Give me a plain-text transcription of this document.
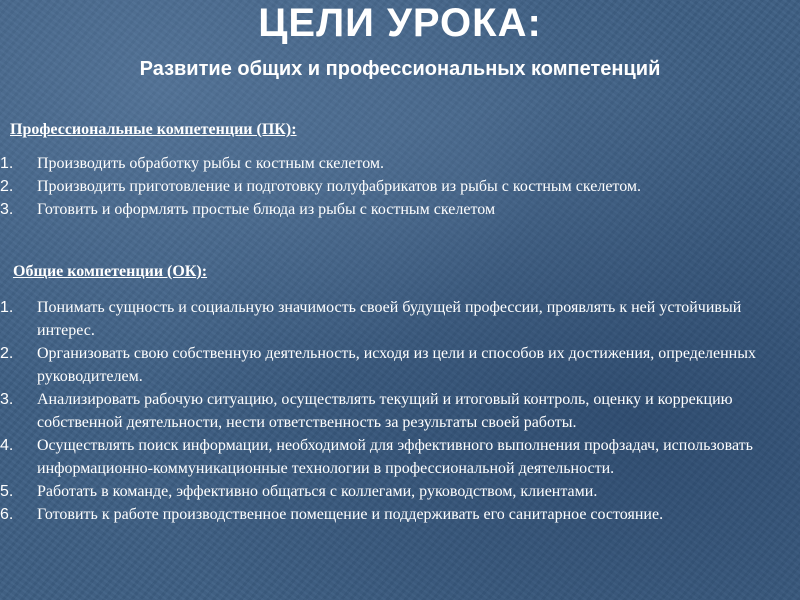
ЦЕЛИ УРОКА:
Развитие общих и профессиональных компетенций
Профессиональные компетенции (ПК):
1. Производить обработку рыбы с костным скелетом.
2. Производить приготовление и подготовку полуфабрикатов из рыбы с костным скелетом.
3. Готовить и оформлять простые блюда из рыбы с костным скелетом
Общие компетенции (ОК):
1. Понимать сущность и социальную значимость своей будущей профессии, проявлять к ней устойчивый интерес.
2. Организовать свою собственную деятельность, исходя из цели и способов их достижения, определенных руководителем.
3. Анализировать рабочую ситуацию, осуществлять текущий и итоговый контроль, оценку и коррекцию собственной деятельности, нести ответственность за результаты своей работы.
4. Осуществлять поиск информации, необходимой для эффективного выполнения профзадач, использовать информационно-коммуникационные технологии в профессиональной деятельности.
5. Работать в команде, эффективно общаться с коллегами, руководством, клиентами.
6. Готовить к работе производственное помещение и поддерживать его санитарное состояние.
